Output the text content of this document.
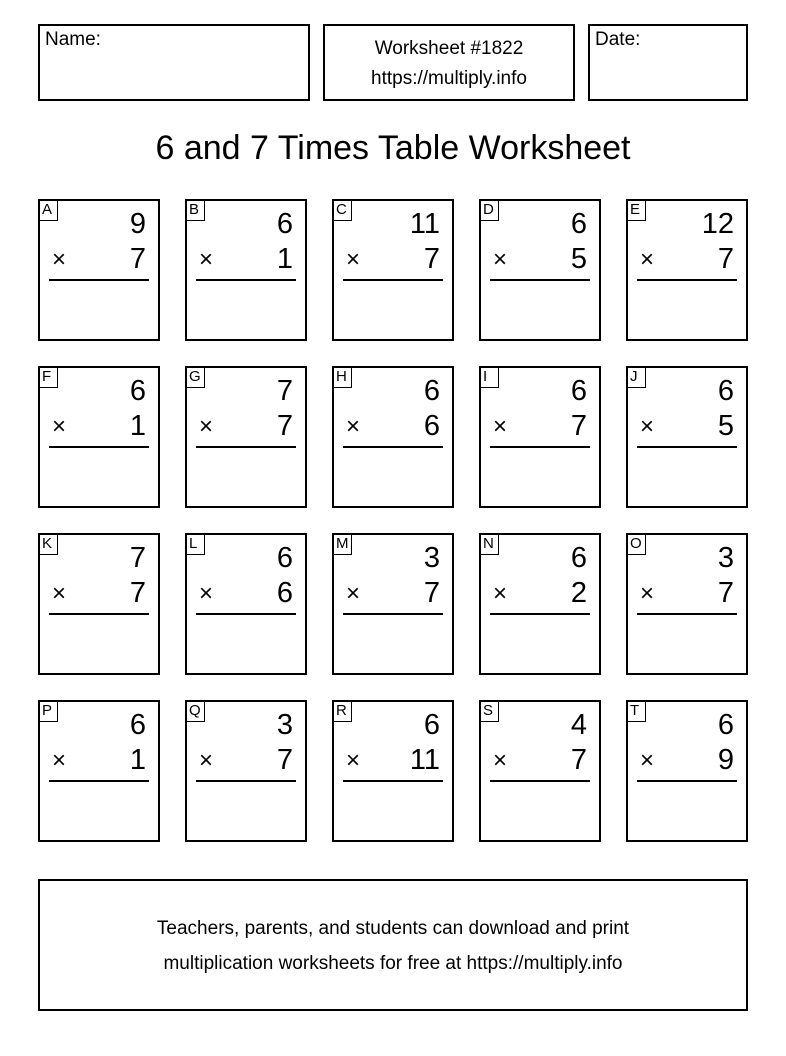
Name:	Worksheet #1822
https://multiply.info
Date:
6 and 7 Times Table Worksheet
A	9
× 7
B	6
× 1
C 11
× 7
D	6
× 5
E 12
× 7
F	6
× 1
G	7
× 7
H	6
× 6
I	6
× 7
J	6
× 5
K	7
× 7
L	6
× 6
M	3
× 7
N	6
× 2
O	3
× 7
P	6
× 1
Q	3
× 7
R	6
× 11
S	4
× 7
T	6
× 9
Teachers, parents, and students can download and print
multiplication worksheets for free at https://multiply.info
